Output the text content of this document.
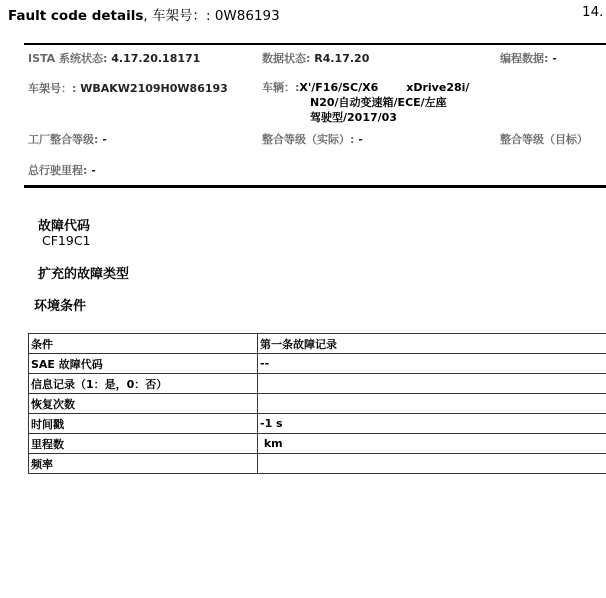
Fault code details, 车架号：: 0W86193	14.
ISTA 系统状态: 4.17.20.18171	数据状态: R4.17.20	编程数据: -
车架号：: WBAKW2109H0W86193	车辆：: X'/F16/SC/X6	xDrive28i/
N20/自动变速箱/ECE/左座
驾驶型/2017/03
工厂整合等级: -	整合等级（实际）: -	整合等级（目标）
总行驶里程: -
故障代码
CF19C1
扩充的故障类型
环境条件
条件	第一条故障记录
SAE 故障代码	--
信息记录（1：是，0：否）	
恢复次数	
时间戳	-1 s
里程数	km
频率	
